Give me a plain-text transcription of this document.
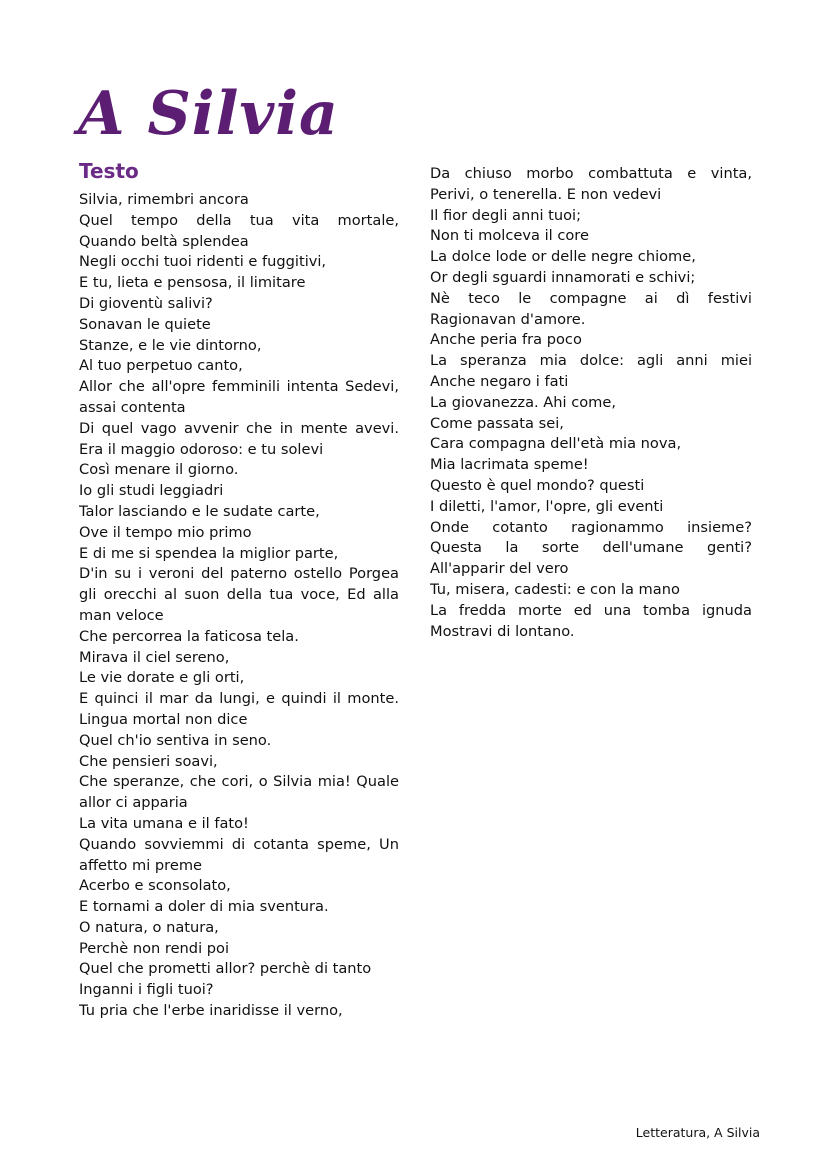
A Silvia
Testo
Silvia, rimembri ancora
Quel tempo della tua vita mortale,
Quando beltà splendea
Negli occhi tuoi ridenti e fuggitivi,
E tu, lieta e pensosa, il limitare
Di gioventù salivi?
Sonavan le quiete
Stanze, e le vie dintorno,
Al tuo perpetuo canto,
Allor che all'opre femminili intenta Sedevi,
assai contenta
Di quel vago avvenir che in mente avevi.
Era il maggio odoroso: e tu solevi
Così menare il giorno.
Io gli studi leggiadri
Talor lasciando e le sudate carte,
Ove il tempo mio primo
E di me si spendea la miglior parte,
D'in su i veroni del paterno ostello Porgea
gli orecchi al suon della tua voce, Ed alla
man veloce
Che percorrea la faticosa tela.
Mirava il ciel sereno,
Le vie dorate e gli orti,
E quinci il mar da lungi, e quindi il monte.
Lingua mortal non dice
Quel ch'io sentiva in seno.
Che pensieri soavi,
Che speranze, che cori, o Silvia mia! Quale
allor ci apparia
La vita umana e il fato!
Quando sovviemmi di cotanta speme, Un
affetto mi preme
Acerbo e sconsolato,
E tornami a doler di mia sventura.
O natura, o natura,
Perchè non rendi poi
Quel che prometti allor? perchè di tanto
Inganni i figli tuoi?
Tu pria che l'erbe inaridisse il verno,
Da chiuso morbo combattuta e vinta,
Perivi, o tenerella. E non vedevi
Il fior degli anni tuoi;
Non ti molceva il core
La dolce lode or delle negre chiome,
Or degli sguardi innamorati e schivi;
Nè teco le compagne ai dì festivi
Ragionavan d'amore.
Anche peria fra poco
La speranza mia dolce: agli anni miei
Anche negaro i fati
La giovanezza. Ahi come,
Come passata sei,
Cara compagna dell'età mia nova,
Mia lacrimata speme!
Questo è quel mondo? questi
I diletti, l'amor, l'opre, gli eventi
Onde cotanto ragionammo insieme?
Questa la sorte dell'umane genti?
All'apparir del vero
Tu, misera, cadesti: e con la mano
La fredda morte ed una tomba ignuda
Mostravi di lontano.

Letteratura, A Silvia
